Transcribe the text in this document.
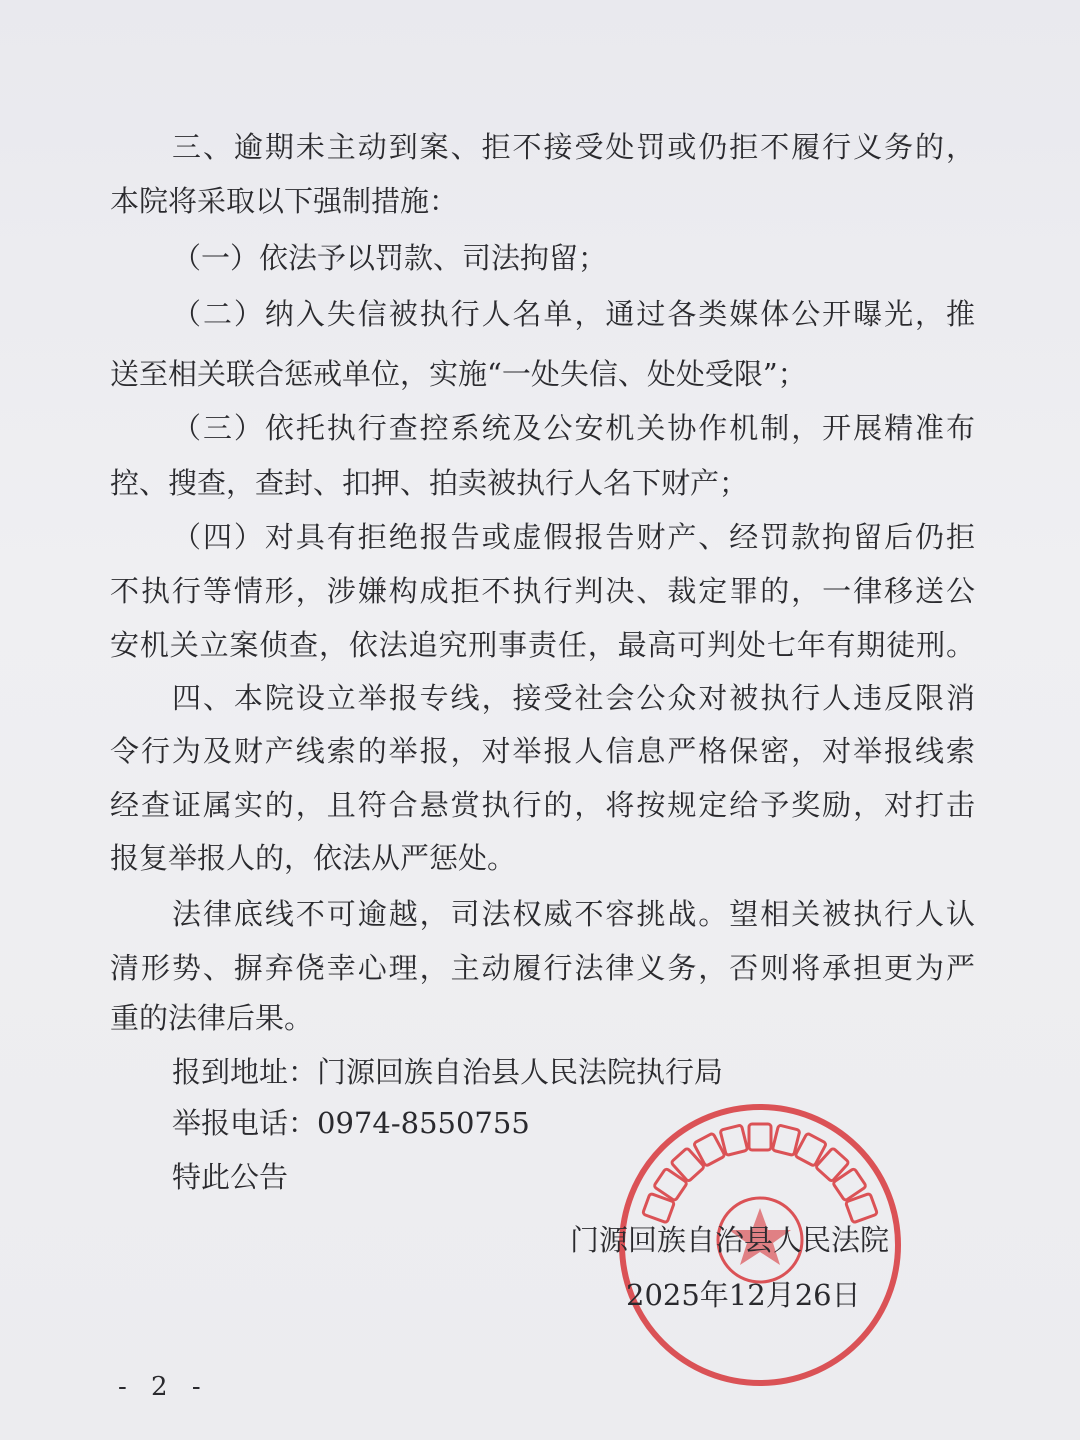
三、逾期未主动到案、拒不接受处罚或仍拒不履行义务的，
本院将采取以下强制措施：
（一）依法予以罚款、司法拘留；
（二）纳入失信被执行人名单，通过各类媒体公开曝光，推
送至相关联合惩戒单位，实施“一处失信、处处受限”；
（三）依托执行查控系统及公安机关协作机制，开展精准布
控、搜查，查封、扣押、拍卖被执行人名下财产；
（四）对具有拒绝报告或虚假报告财产、经罚款拘留后仍拒
不执行等情形，涉嫌构成拒不执行判决、裁定罪的，一律移送公
安机关立案侦查，依法追究刑事责任，最高可判处七年有期徒刑。
四、本院设立举报专线，接受社会公众对被执行人违反限消
令行为及财产线索的举报，对举报人信息严格保密，对举报线索
经查证属实的，且符合悬赏执行的，将按规定给予奖励，对打击
报复举报人的，依法从严惩处。
法律底线不可逾越，司法权威不容挑战。望相关被执行人认
清形势、摒弃侥幸心理，主动履行法律义务，否则将承担更为严
重的法律后果。
报到地址：门源回族自治县人民法院执行局
举报电话：0974-8550755
特此公告
门源回族自治县人民法院
2025年12月26日
- 2 -
